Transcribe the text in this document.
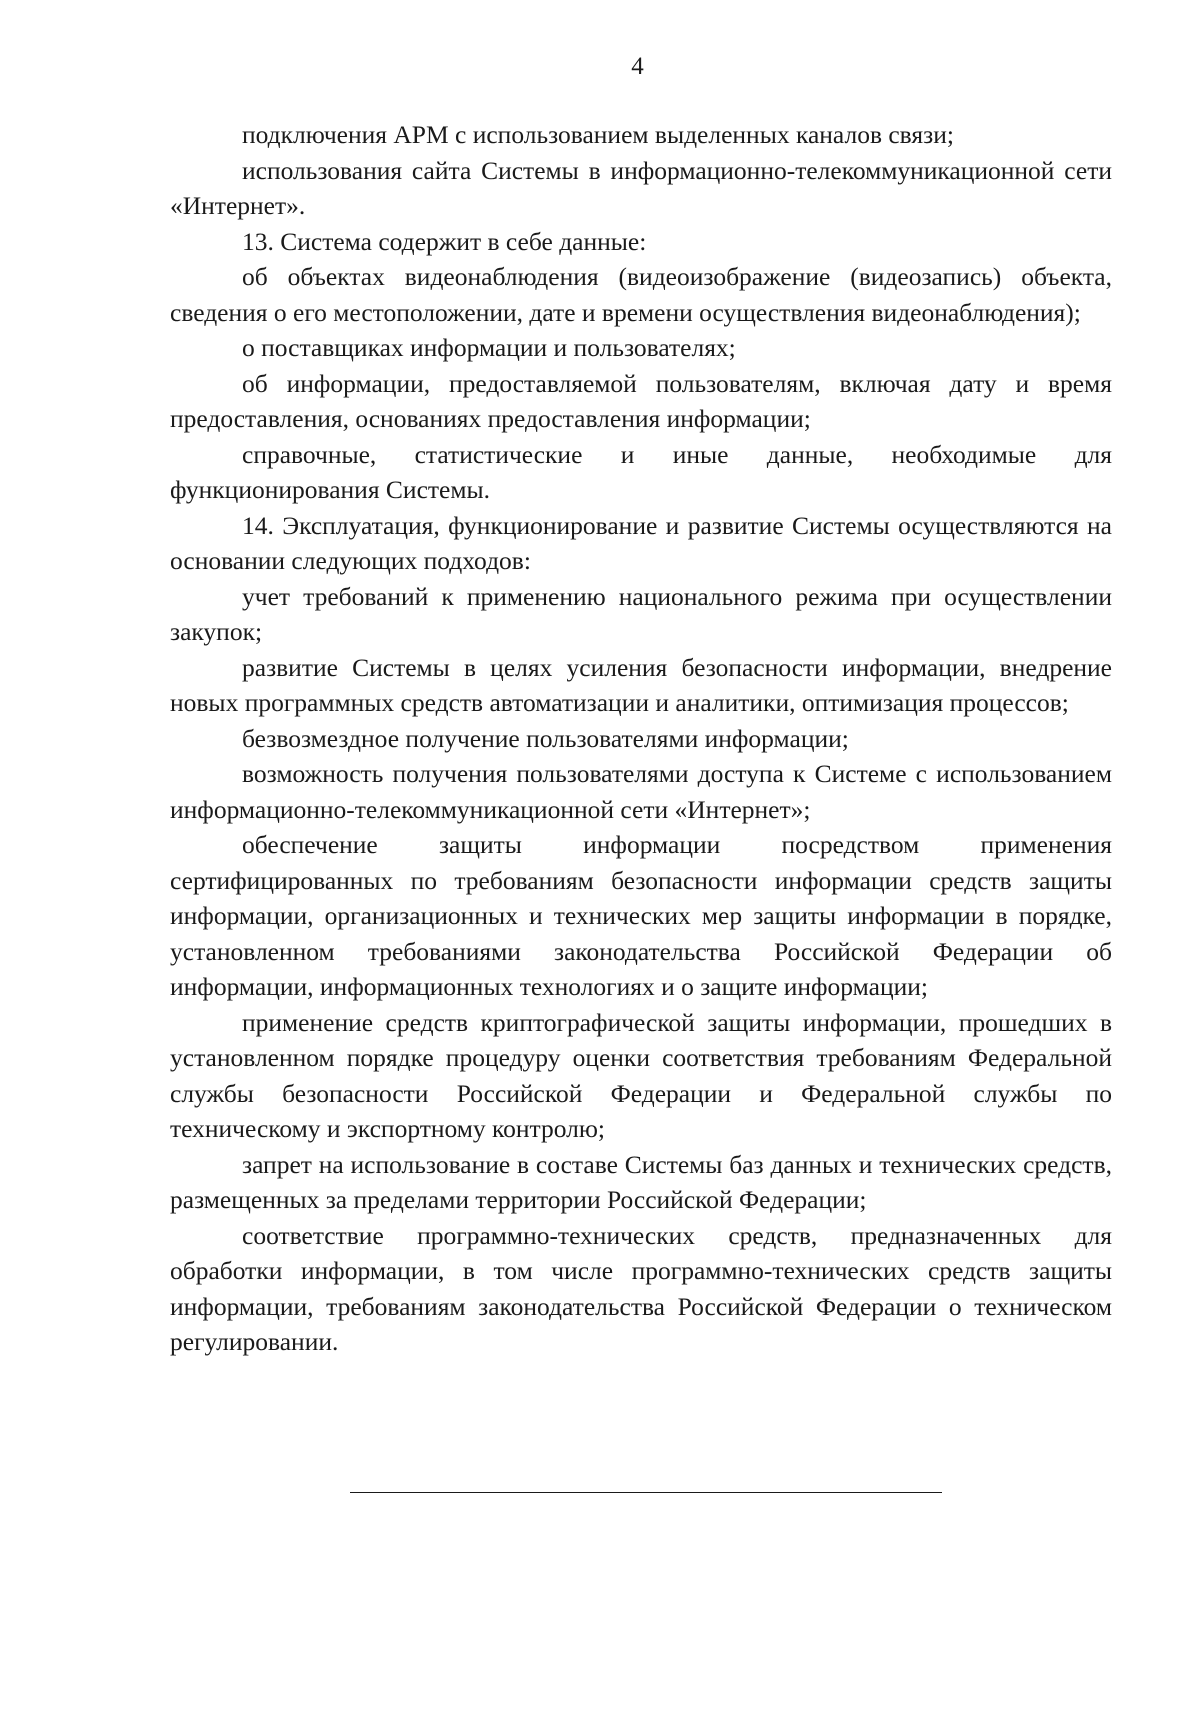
4

подключения АРМ с использованием выделенных каналов связи;

использования сайта Системы в информационно-телекоммуникационной сети «Интернет».

13. Система содержит в себе данные:

об объектах видеонаблюдения (видеоизображение (видеозапись) объекта, сведения о его местоположении, дате и времени осуществления видеонаблюдения);

о поставщиках информации и пользователях;

об информации, предоставляемой пользователям, включая дату и время предоставления, основаниях предоставления информации;

справочные, статистические и иные данные, необходимые для функционирования Системы.

14. Эксплуатация, функционирование и развитие Системы осуществляются на основании следующих подходов:

учет требований к применению национального режима при осуществлении закупок;

развитие Системы в целях усиления безопасности информации, внедрение новых программных средств автоматизации и аналитики, оптимизация процессов;

безвозмездное получение пользователями информации;

возможность получения пользователями доступа к Системе с использованием информационно-телекоммуникационной сети «Интернет»;

обеспечение защиты информации посредством применения сертифицированных по требованиям безопасности информации средств защиты информации, организационных и технических мер защиты информации в порядке, установленном требованиями законодательства Российской Федерации об информации, информационных технологиях и о защите информации;

применение средств криптографической защиты информации, прошедших в установленном порядке процедуру оценки соответствия требованиям Федеральной службы безопасности Российской Федерации и Федеральной службы по техническому и экспортному контролю;

запрет на использование в составе Системы баз данных и технических средств, размещенных за пределами территории Российской Федерации;

соответствие программно-технических средств, предназначенных для обработки информации, в том числе программно-технических средств защиты информации, требованиям законодательства Российской Федерации о техническом регулировании.
